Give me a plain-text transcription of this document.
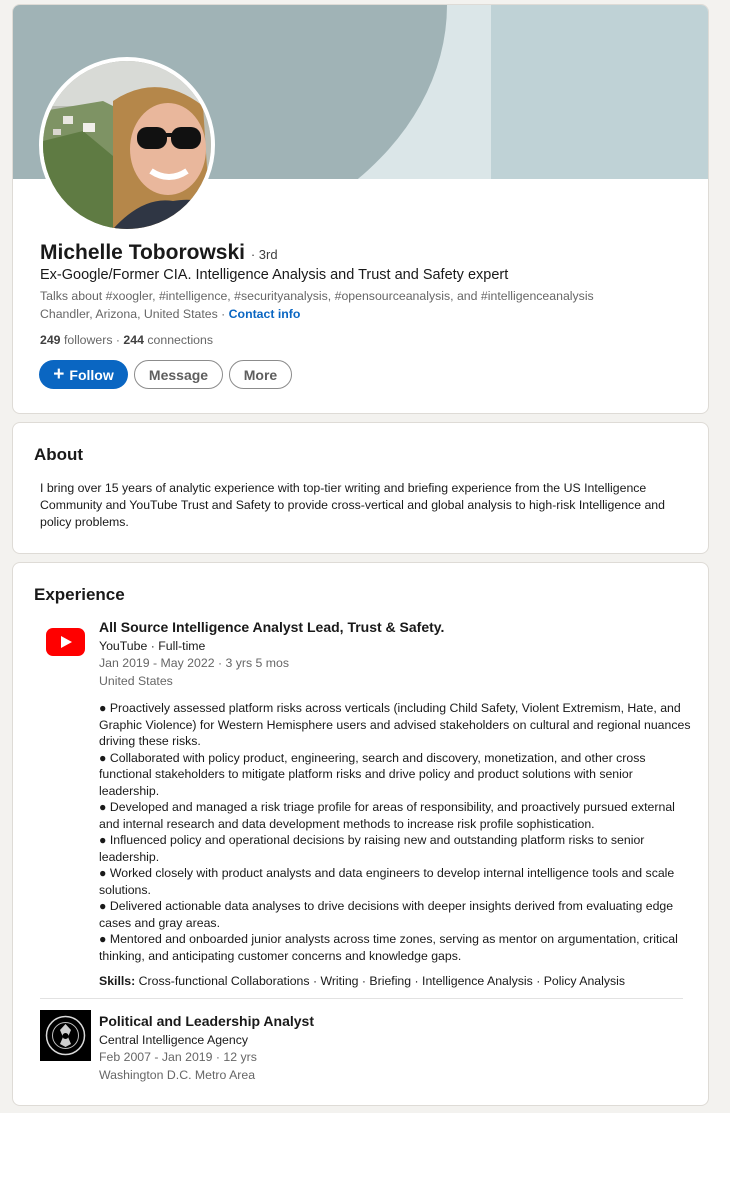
Michelle Toborowski · 3rd
Ex-Google/Former CIA. Intelligence Analysis and Trust and Safety expert
Talks about #xoogler, #intelligence, #securityanalysis, #opensourceanalysis, and #intelligenceanalysis
Chandler, Arizona, United States · Contact info
249 followers · 244 connections
+ Follow	Message	More
About

I bring over 15 years of analytic experience with top-tier writing and briefing experience from the US Intelligence Community and YouTube Trust and Safety to provide cross-vertical and global analysis to high-risk Intelligence and policy problems.

Experience
All Source Intelligence Analyst Lead, Trust & Safety.
YouTube · Full-time
Jan 2019 - May 2022 · 3 yrs 5 mos
United States

● Proactively assessed platform risks across verticals (including Child Safety, Violent Extremism, Hate, and Graphic Violence) for Western Hemisphere users and advised stakeholders on cultural and regional nuances driving these risks.

● Collaborated with policy product, engineering, search and discovery, monetization, and other cross functional stakeholders to mitigate platform risks and drive policy and product solutions with senior leadership.

● Developed and managed a risk triage profile for areas of responsibility, and proactively pursued external and internal research and data development methods to increase risk profile sophistication.

● Influenced policy and operational decisions by raising new and outstanding platform risks to senior leadership.

● Worked closely with product analysts and data engineers to develop internal intelligence tools and scale solutions.

● Delivered actionable data analyses to drive decisions with deeper insights derived from evaluating edge cases and gray areas.

● Mentored and onboarded junior analysts across time zones, serving as mentor on argumentation, critical thinking, and anticipating customer concerns and knowledge gaps.

Skills: Cross-functional Collaborations · Writing · Briefing · Intelligence Analysis · Policy Analysis
Political and Leadership Analyst
Central Intelligence Agency
Feb 2007 - Jan 2019 · 12 yrs
Washington D.C. Metro Area
